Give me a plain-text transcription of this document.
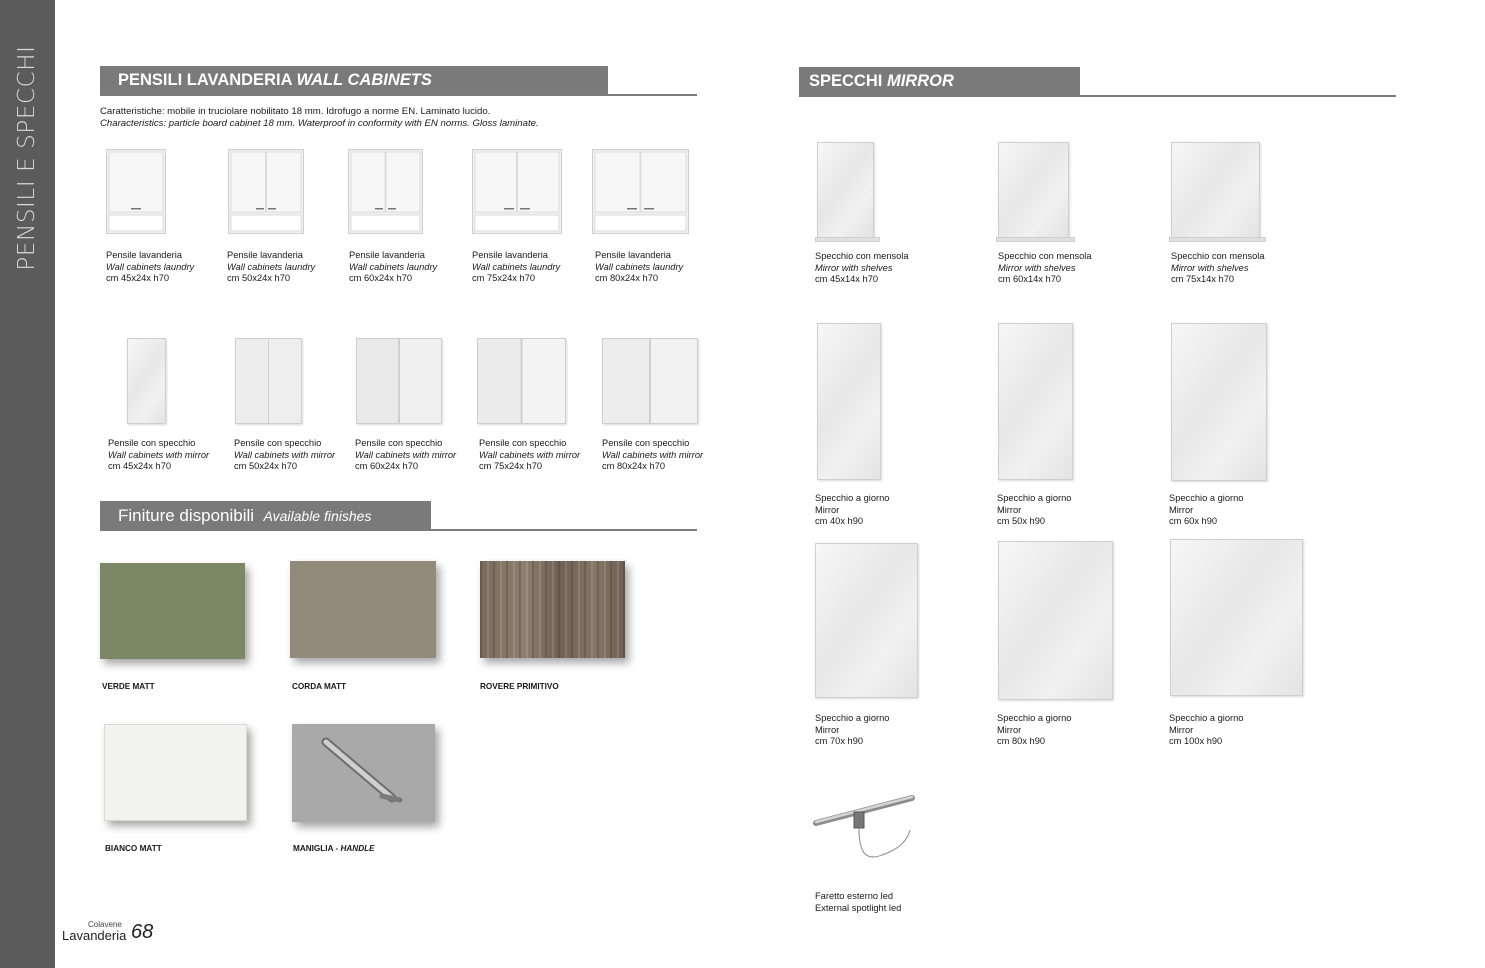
PENSILI E SPECCHI	PENSILI LAVANDERIA WALL CABINETS	SPECCHI MIRROR
Caratteristiche: mobile in truciolare nobilitato 18 mm. Idrofugo a norme EN. Laminato lucido.
Characteristics: particle board cabinet 18 mm. Waterproof in conformity with EN norms. Gloss laminate.
Pensile lavanderia
Wall cabinets laundry
cm 45x24x h70
Pensile lavanderia
Wall cabinets laundry
cm 50x24x h70
Pensile lavanderia
Wall cabinets laundry
cm 60x24x h70
Pensile lavanderia
Wall cabinets laundry
cm 75x24x h70
Pensile lavanderia
Wall cabinets laundry
cm 80x24x h70
Pensile con specchio
Wall cabinets with mirror
cm 45x24x h70
Pensile con specchio
Wall cabinets with mirror
cm 50x24x h70
Pensile con specchio
Wall cabinets with mirror
cm 60x24x h70
Pensile con specchio
Wall cabinets with mirror
cm 75x24x h70
Pensile con specchio
Wall cabinets with mirror
cm 80x24x h70
Finiture disponibili Available finishes
VERDE MATT	CORDA MATT	ROVERE PRIMITIVO
BIANCO MATT	MANIGLIA - HANDLE
Specchio con mensola
Mirror with shelves
cm 45x14x h70
Specchio con mensola
Mirror with shelves
cm 60x14x h70
Specchio con mensola
Mirror with shelves
cm 75x14x h70
Specchio a giorno
Mirror
cm 40x h90
Specchio a giorno
Mirror
cm 50x h90
Specchio a giorno
Mirror
cm 60x h90
Specchio a giorno
Mirror
cm 70x h90
Specchio a giorno
Mirror
cm 80x h90
Specchio a giorno
Mirror
cm 100x h90
Faretto esterno led
External spotlight led
Colavene
Lavanderia 68
